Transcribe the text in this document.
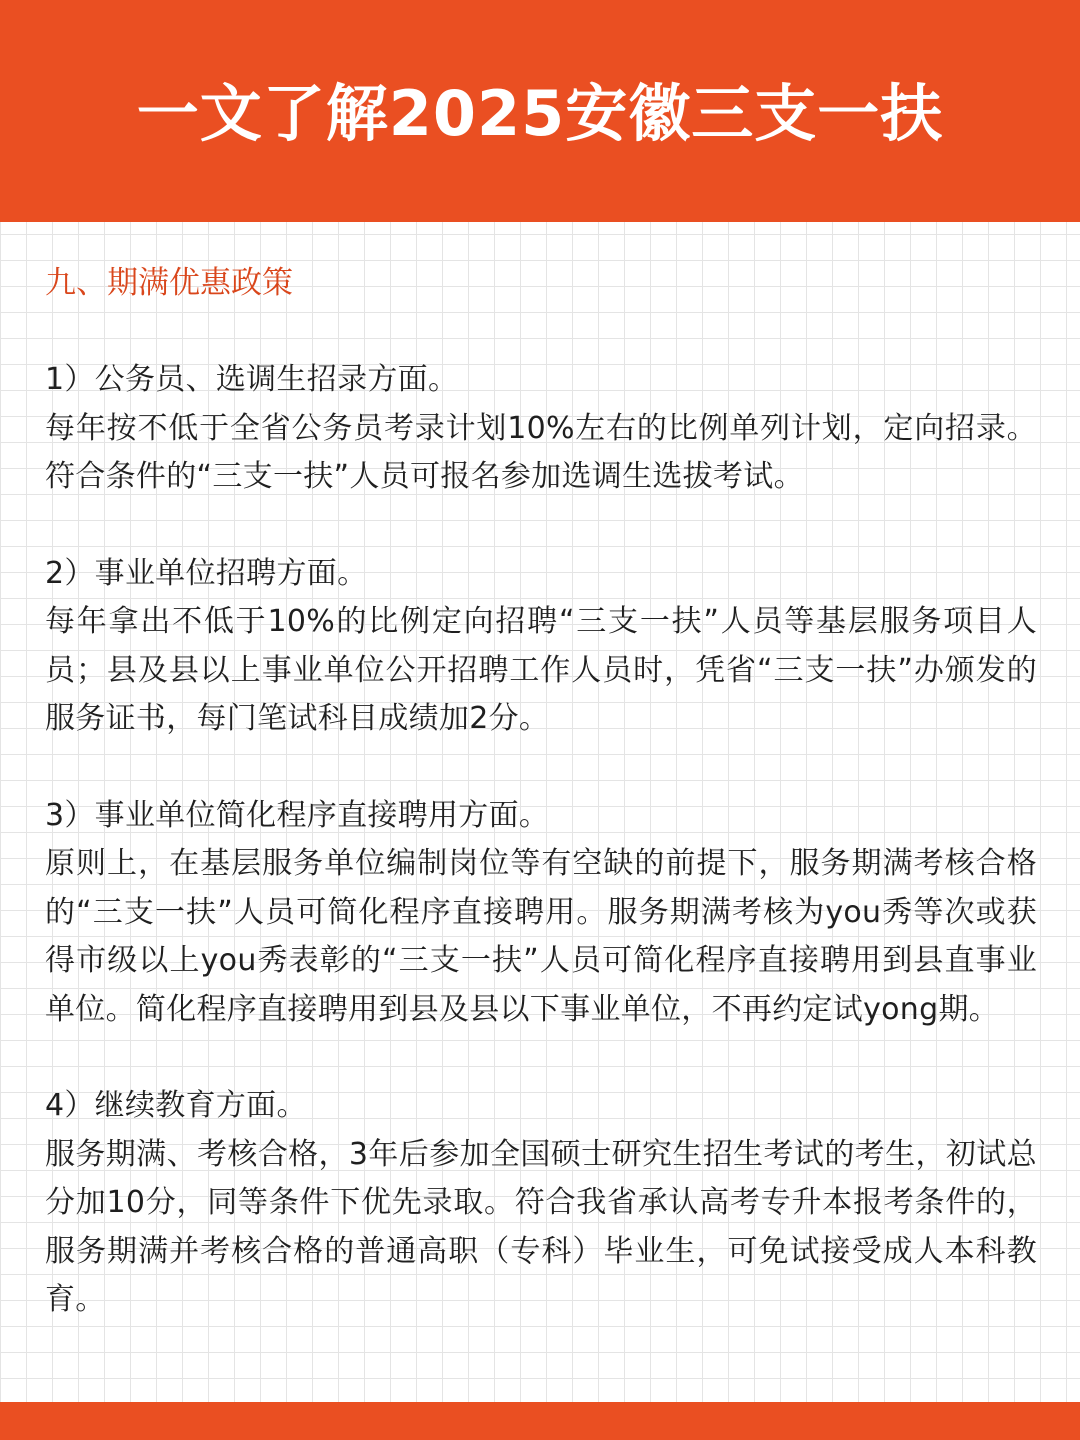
一文了解2025安徽三支一扶
九、期满优惠政策

1）公务员、选调生招录方面。

每年按不低于全省公务员考录计划10%左右的比例单列计划，定向招录。符合条件的“三支一扶”人员可报名参加选调生选拔考试。

2）事业单位招聘方面。

每年拿出不低于10%的比例定向招聘“三支一扶”人员等基层服务项目人员；县及县以上事业单位公开招聘工作人员时，凭省“三支一扶”办颁发的服务证书，每门笔试科目成绩加2分。

3）事业单位简化程序直接聘用方面。

原则上，在基层服务单位编制岗位等有空缺的前提下，服务期满考核合格的“三支一扶”人员可简化程序直接聘用。服务期满考核为you秀等次或获得市级以上you秀表彰的“三支一扶”人员可简化程序直接聘用到县直事业单位。简化程序直接聘用到县及县以下事业单位，不再约定试yong期。

4）继续教育方面。

服务期满、考核合格，3年后参加全国硕士研究生招生考试的考生，初试总分加10分，同等条件下优先录取。符合我省承认高考专升本报考条件的，服务期满并考核合格的普通高职（专科）毕业生，可免试接受成人本科教育。
